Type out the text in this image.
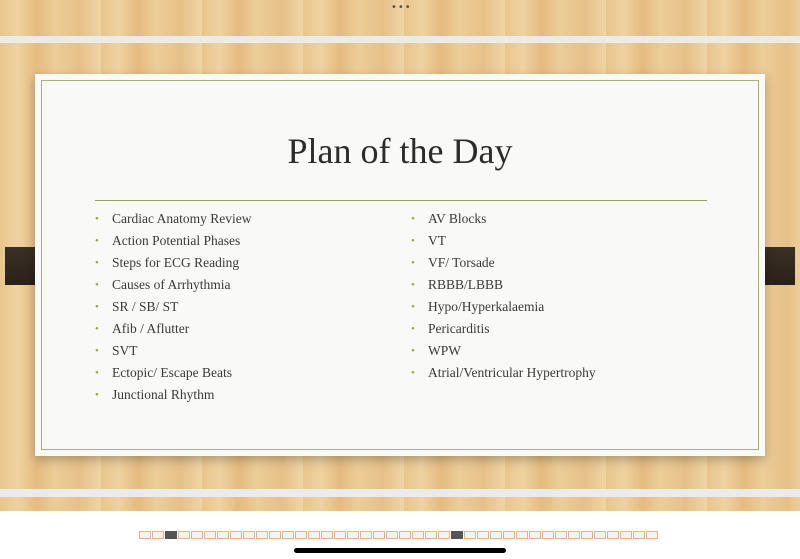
•••
Plan of the Day
• Cardiac Anatomy Review
• Action Potential Phases
• Steps for ECG Reading
• Causes of Arrhythmia
• SR / SB/ ST
• Afib / Aflutter
• SVT
• Ectopic/ Escape Beats
• Junctional Rhythm
• AV Blocks
• VT
• VF/ Torsade
• RBBB/LBBB
• Hypo/Hyperkalaemia
• Pericarditis
• WPW
• Atrial/Ventricular Hypertrophy
